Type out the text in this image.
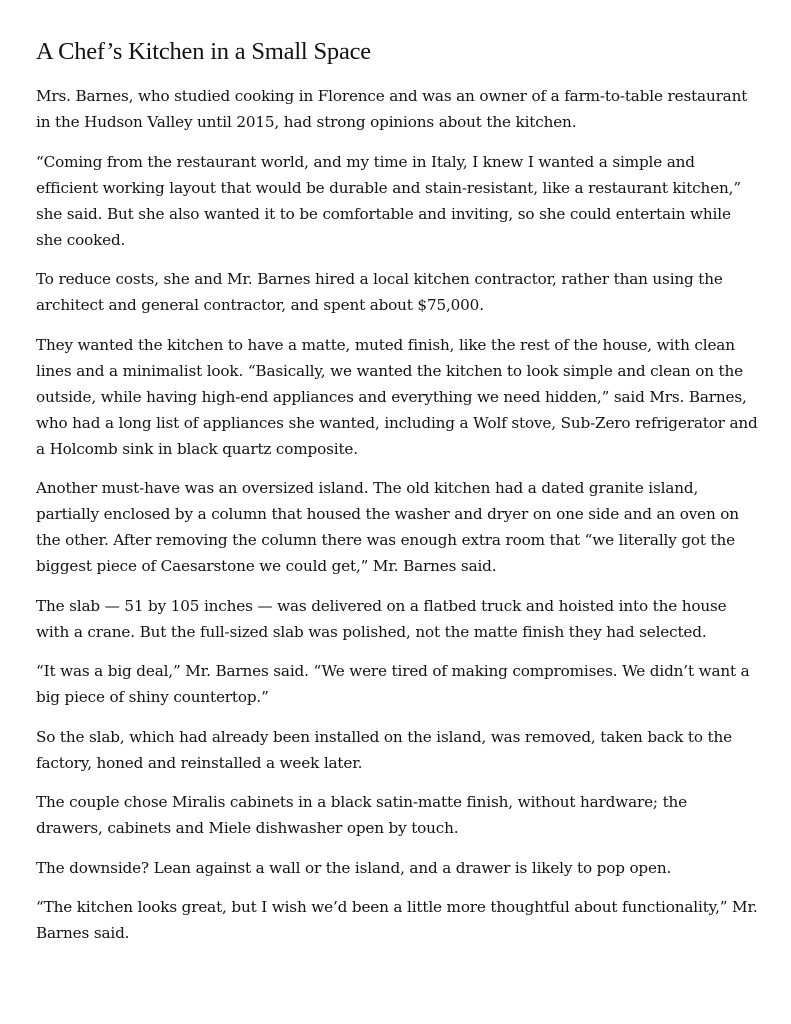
A Chef’s Kitchen in a Small Space

Mrs. Barnes, who studied cooking in Florence and was an owner of a farm-to-table restaurant in the Hudson Valley until 2015, had strong opinions about the kitchen.

“Coming from the restaurant world, and my time in Italy, I knew I wanted a simple and efficient working layout that would be durable and stain-resistant, like a restaurant kitchen,” she said. But she also wanted it to be comfortable and inviting, so she could entertain while she cooked.

To reduce costs, she and Mr. Barnes hired a local kitchen contractor, rather than using the architect and general contractor, and spent about $75,000.

They wanted the kitchen to have a matte, muted finish, like the rest of the house, with clean lines and a minimalist look. “Basically, we wanted the kitchen to look simple and clean on the outside, while having high-end appliances and everything we need hidden,” said Mrs. Barnes, who had a long list of appliances she wanted, including a Wolf stove, Sub-Zero refrigerator and a Holcomb sink in black quartz composite.

Another must-have was an oversized island. The old kitchen had a dated granite island, partially enclosed by a column that housed the washer and dryer on one side and an oven on the other. After removing the column there was enough extra room that “we literally got the biggest piece of Caesarstone we could get,” Mr. Barnes said.

The slab — 51 by 105 inches — was delivered on a flatbed truck and hoisted into the house with a crane. But the full-sized slab was polished, not the matte finish they had selected.

“It was a big deal,” Mr. Barnes said. “We were tired of making compromises. We didn’t want a big piece of shiny countertop.”

So the slab, which had already been installed on the island, was removed, taken back to the factory, honed and reinstalled a week later.

The couple chose Miralis cabinets in a black satin-matte finish, without hardware; the drawers, cabinets and Miele dishwasher open by touch.

The downside? Lean against a wall or the island, and a drawer is likely to pop open.

“The kitchen looks great, but I wish we’d been a little more thoughtful about functionality,” Mr. Barnes said.
